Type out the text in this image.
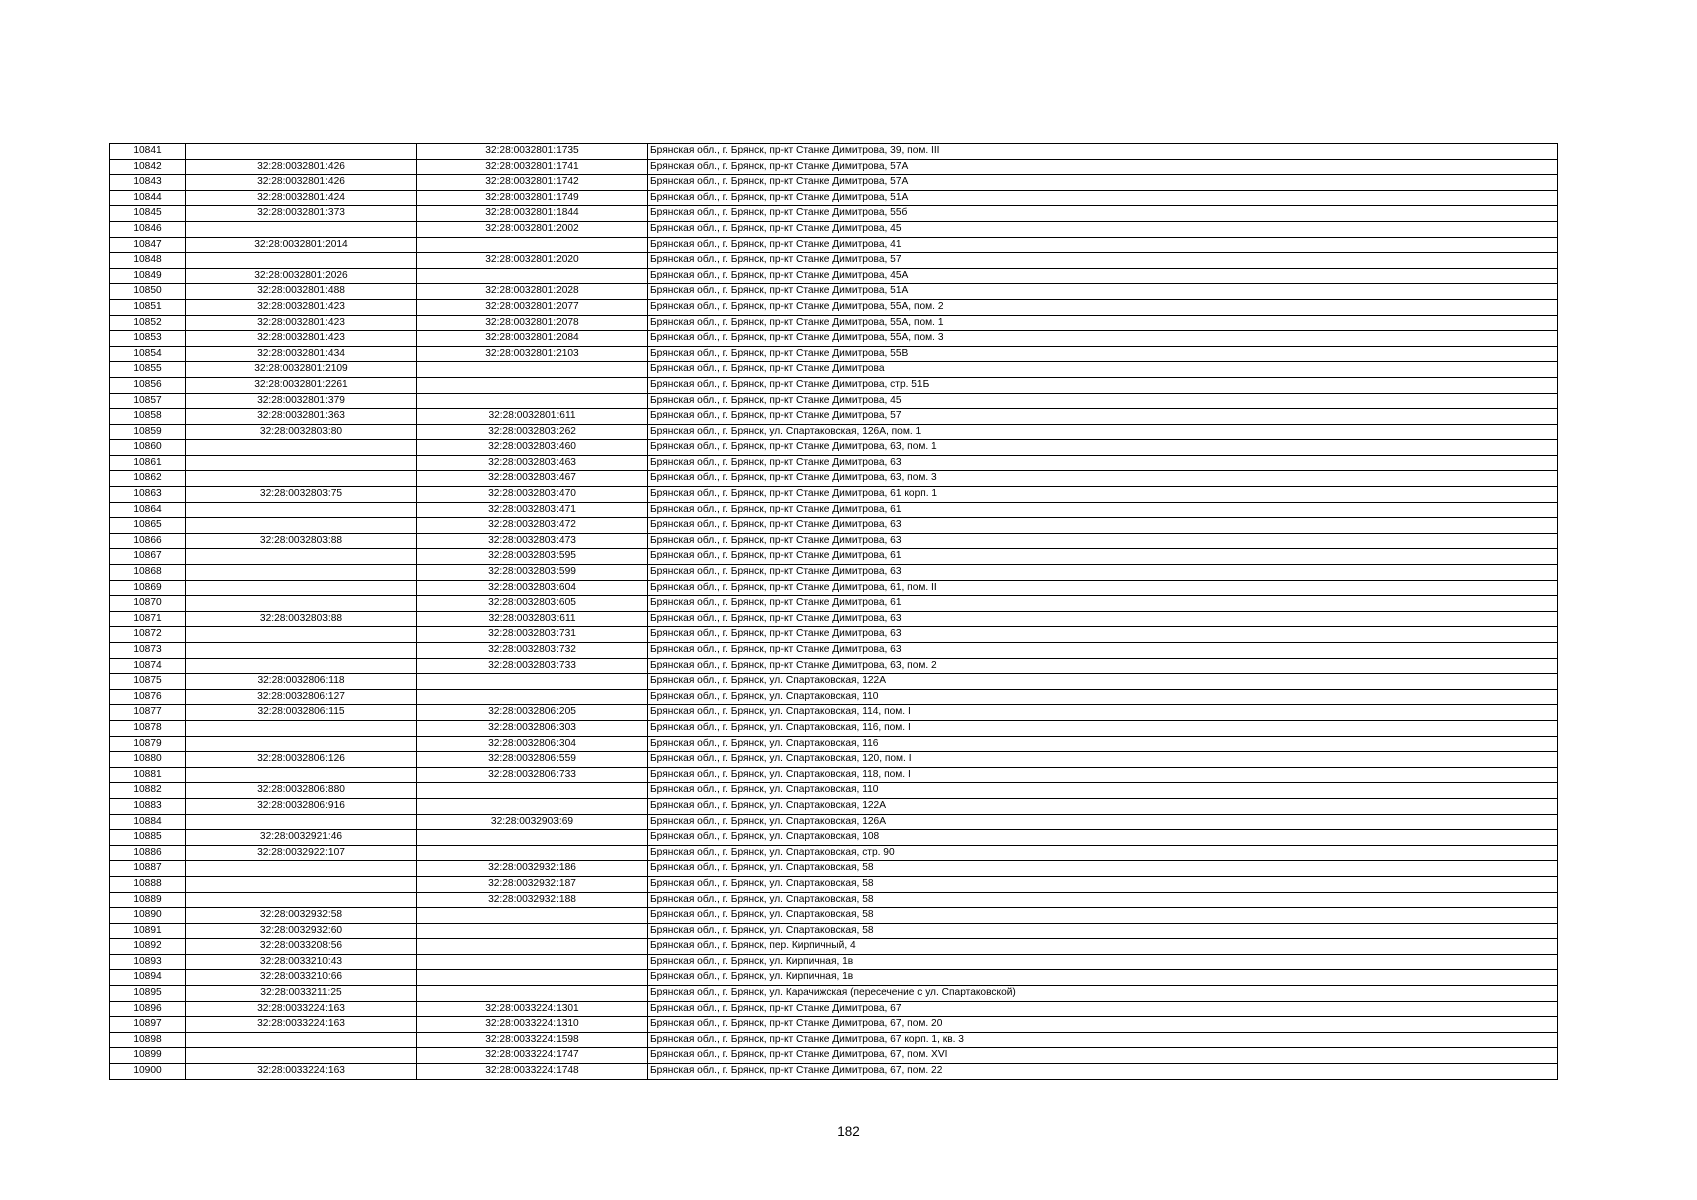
10841		32:28:0032801:1735	Брянская обл., г. Брянск, пр-кт Станке Димитрова, 39, пом. III
10842	32:28:0032801:426	32:28:0032801:1741	Брянская обл., г. Брянск, пр-кт Станке Димитрова, 57А
10843	32:28:0032801:426	32:28:0032801:1742	Брянская обл., г. Брянск, пр-кт Станке Димитрова, 57А
10844	32:28:0032801:424	32:28:0032801:1749	Брянская обл., г. Брянск, пр-кт Станке Димитрова, 51А
10845	32:28:0032801:373	32:28:0032801:1844	Брянская обл., г. Брянск, пр-кт Станке Димитрова, 55б
10846		32:28:0032801:2002	Брянская обл., г. Брянск, пр-кт Станке Димитрова, 45
10847	32:28:0032801:2014		Брянская обл., г. Брянск, пр-кт Станке Димитрова, 41
10848		32:28:0032801:2020	Брянская обл., г. Брянск, пр-кт Станке Димитрова, 57
10849	32:28:0032801:2026		Брянская обл., г. Брянск, пр-кт Станке Димитрова, 45А
10850	32:28:0032801:488	32:28:0032801:2028	Брянская обл., г. Брянск, пр-кт Станке Димитрова, 51А
10851	32:28:0032801:423	32:28:0032801:2077	Брянская обл., г. Брянск, пр-кт Станке Димитрова, 55А, пом. 2
10852	32:28:0032801:423	32:28:0032801:2078	Брянская обл., г. Брянск, пр-кт Станке Димитрова, 55А, пом. 1
10853	32:28:0032801:423	32:28:0032801:2084	Брянская обл., г. Брянск, пр-кт Станке Димитрова, 55А, пом. 3
10854	32:28:0032801:434	32:28:0032801:2103	Брянская обл., г. Брянск, пр-кт Станке Димитрова, 55В
10855	32:28:0032801:2109		Брянская обл., г. Брянск, пр-кт Станке Димитрова
10856	32:28:0032801:2261		Брянская обл., г. Брянск, пр-кт Станке Димитрова, стр. 51Б
10857	32:28:0032801:379		Брянская обл., г. Брянск, пр-кт Станке Димитрова, 45
10858	32:28:0032801:363	32:28:0032801:611	Брянская обл., г. Брянск, пр-кт Станке Димитрова, 57
10859	32:28:0032803:80	32:28:0032803:262	Брянская обл., г. Брянск, ул. Спартаковская, 126А, пом. 1
10860		32:28:0032803:460	Брянская обл., г. Брянск, пр-кт Станке Димитрова, 63, пом. 1
10861		32:28:0032803:463	Брянская обл., г. Брянск, пр-кт Станке Димитрова, 63
10862		32:28:0032803:467	Брянская обл., г. Брянск, пр-кт Станке Димитрова, 63, пом. 3
10863	32:28:0032803:75	32:28:0032803:470	Брянская обл., г. Брянск, пр-кт Станке Димитрова, 61 корп. 1
10864		32:28:0032803:471	Брянская обл., г. Брянск, пр-кт Станке Димитрова, 61
10865		32:28:0032803:472	Брянская обл., г. Брянск, пр-кт Станке Димитрова, 63
10866	32:28:0032803:88	32:28:0032803:473	Брянская обл., г. Брянск, пр-кт Станке Димитрова, 63
10867		32:28:0032803:595	Брянская обл., г. Брянск, пр-кт Станке Димитрова, 61
10868		32:28:0032803:599	Брянская обл., г. Брянск, пр-кт Станке Димитрова, 63
10869		32:28:0032803:604	Брянская обл., г. Брянск, пр-кт Станке Димитрова, 61, пом. II
10870		32:28:0032803:605	Брянская обл., г. Брянск, пр-кт Станке Димитрова, 61
10871	32:28:0032803:88	32:28:0032803:611	Брянская обл., г. Брянск, пр-кт Станке Димитрова, 63
10872		32:28:0032803:731	Брянская обл., г. Брянск, пр-кт Станке Димитрова, 63
10873		32:28:0032803:732	Брянская обл., г. Брянск, пр-кт Станке Димитрова, 63
10874		32:28:0032803:733	Брянская обл., г. Брянск, пр-кт Станке Димитрова, 63, пом. 2
10875	32:28:0032806:118		Брянская обл., г. Брянск, ул. Спартаковская, 122А
10876	32:28:0032806:127		Брянская обл., г. Брянск, ул. Спартаковская, 110
10877	32:28:0032806:115	32:28:0032806:205	Брянская обл., г. Брянск, ул. Спартаковская, 114, пом. I
10878		32:28:0032806:303	Брянская обл., г. Брянск, ул. Спартаковская, 116, пом. I
10879		32:28:0032806:304	Брянская обл., г. Брянск, ул. Спартаковская, 116
10880	32:28:0032806:126	32:28:0032806:559	Брянская обл., г. Брянск, ул. Спартаковская, 120, пом. I
10881		32:28:0032806:733	Брянская обл., г. Брянск, ул. Спартаковская, 118, пом. I
10882	32:28:0032806:880		Брянская обл., г. Брянск, ул. Спартаковская, 110
10883	32:28:0032806:916		Брянская обл., г. Брянск, ул. Спартаковская, 122А
10884		32:28:0032903:69	Брянская обл., г. Брянск, ул. Спартаковская, 126А
10885	32:28:0032921:46		Брянская обл., г. Брянск, ул. Спартаковская, 108
10886	32:28:0032922:107		Брянская обл., г. Брянск, ул. Спартаковская, стр. 90
10887		32:28:0032932:186	Брянская обл., г. Брянск, ул. Спартаковская, 58
10888		32:28:0032932:187	Брянская обл., г. Брянск, ул. Спартаковская, 58
10889		32:28:0032932:188	Брянская обл., г. Брянск, ул. Спартаковская, 58
10890	32:28:0032932:58		Брянская обл., г. Брянск, ул. Спартаковская, 58
10891	32:28:0032932:60		Брянская обл., г. Брянск, ул. Спартаковская, 58
10892	32:28:0033208:56		Брянская обл., г. Брянск, пер. Кирпичный, 4
10893	32:28:0033210:43		Брянская обл., г. Брянск, ул. Кирпичная, 1в
10894	32:28:0033210:66		Брянская обл., г. Брянск, ул. Кирпичная, 1в
10895	32:28:0033211:25		Брянская обл., г. Брянск, ул. Карачижская (пересечение с ул. Спартаковской)
10896	32:28:0033224:163	32:28:0033224:1301	Брянская обл., г. Брянск, пр-кт Станке Димитрова, 67
10897	32:28:0033224:163	32:28:0033224:1310	Брянская обл., г. Брянск, пр-кт Станке Димитрова, 67, пом. 20
10898		32:28:0033224:1598	Брянская обл., г. Брянск, пр-кт Станке Димитрова, 67 корп. 1, кв. 3
10899		32:28:0033224:1747	Брянская обл., г. Брянск, пр-кт Станке Димитрова, 67, пом. XVI
10900	32:28:0033224:163	32:28:0033224:1748	Брянская обл., г. Брянск, пр-кт Станке Димитрова, 67, пом. 22
182
